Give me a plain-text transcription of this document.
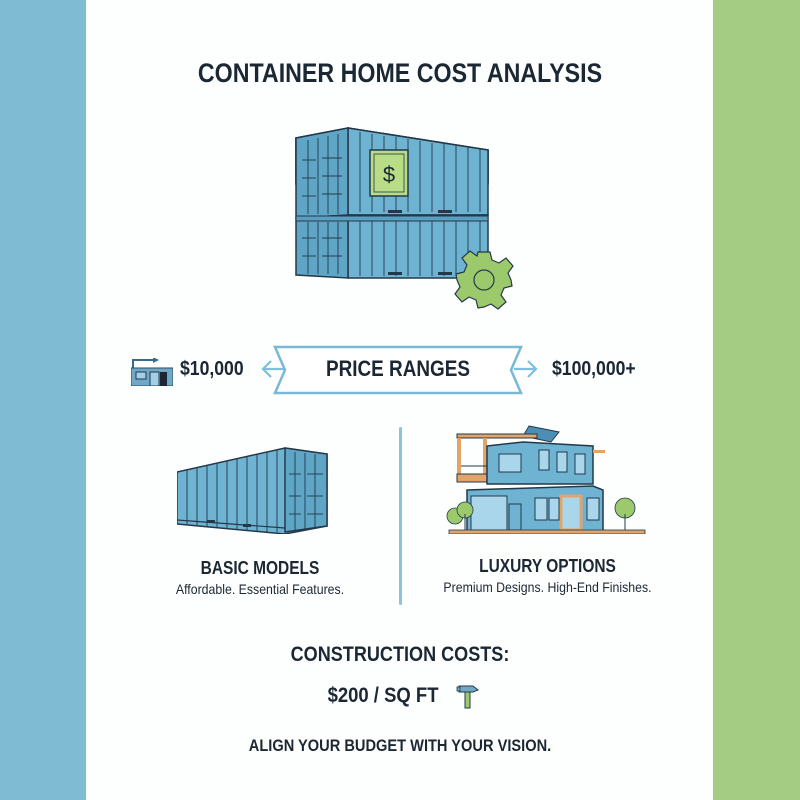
CONTAINER HOME COST ANALYSIS
$
$10,000	PRICE RANGES	$100,000+
BASIC MODELS
Affordable. Essential Features.
LUXURY OPTIONS
Premium Designs. High-End Finishes.
CONSTRUCTION COSTS:
$200 / SQ FT
ALIGN YOUR BUDGET WITH YOUR VISION.
